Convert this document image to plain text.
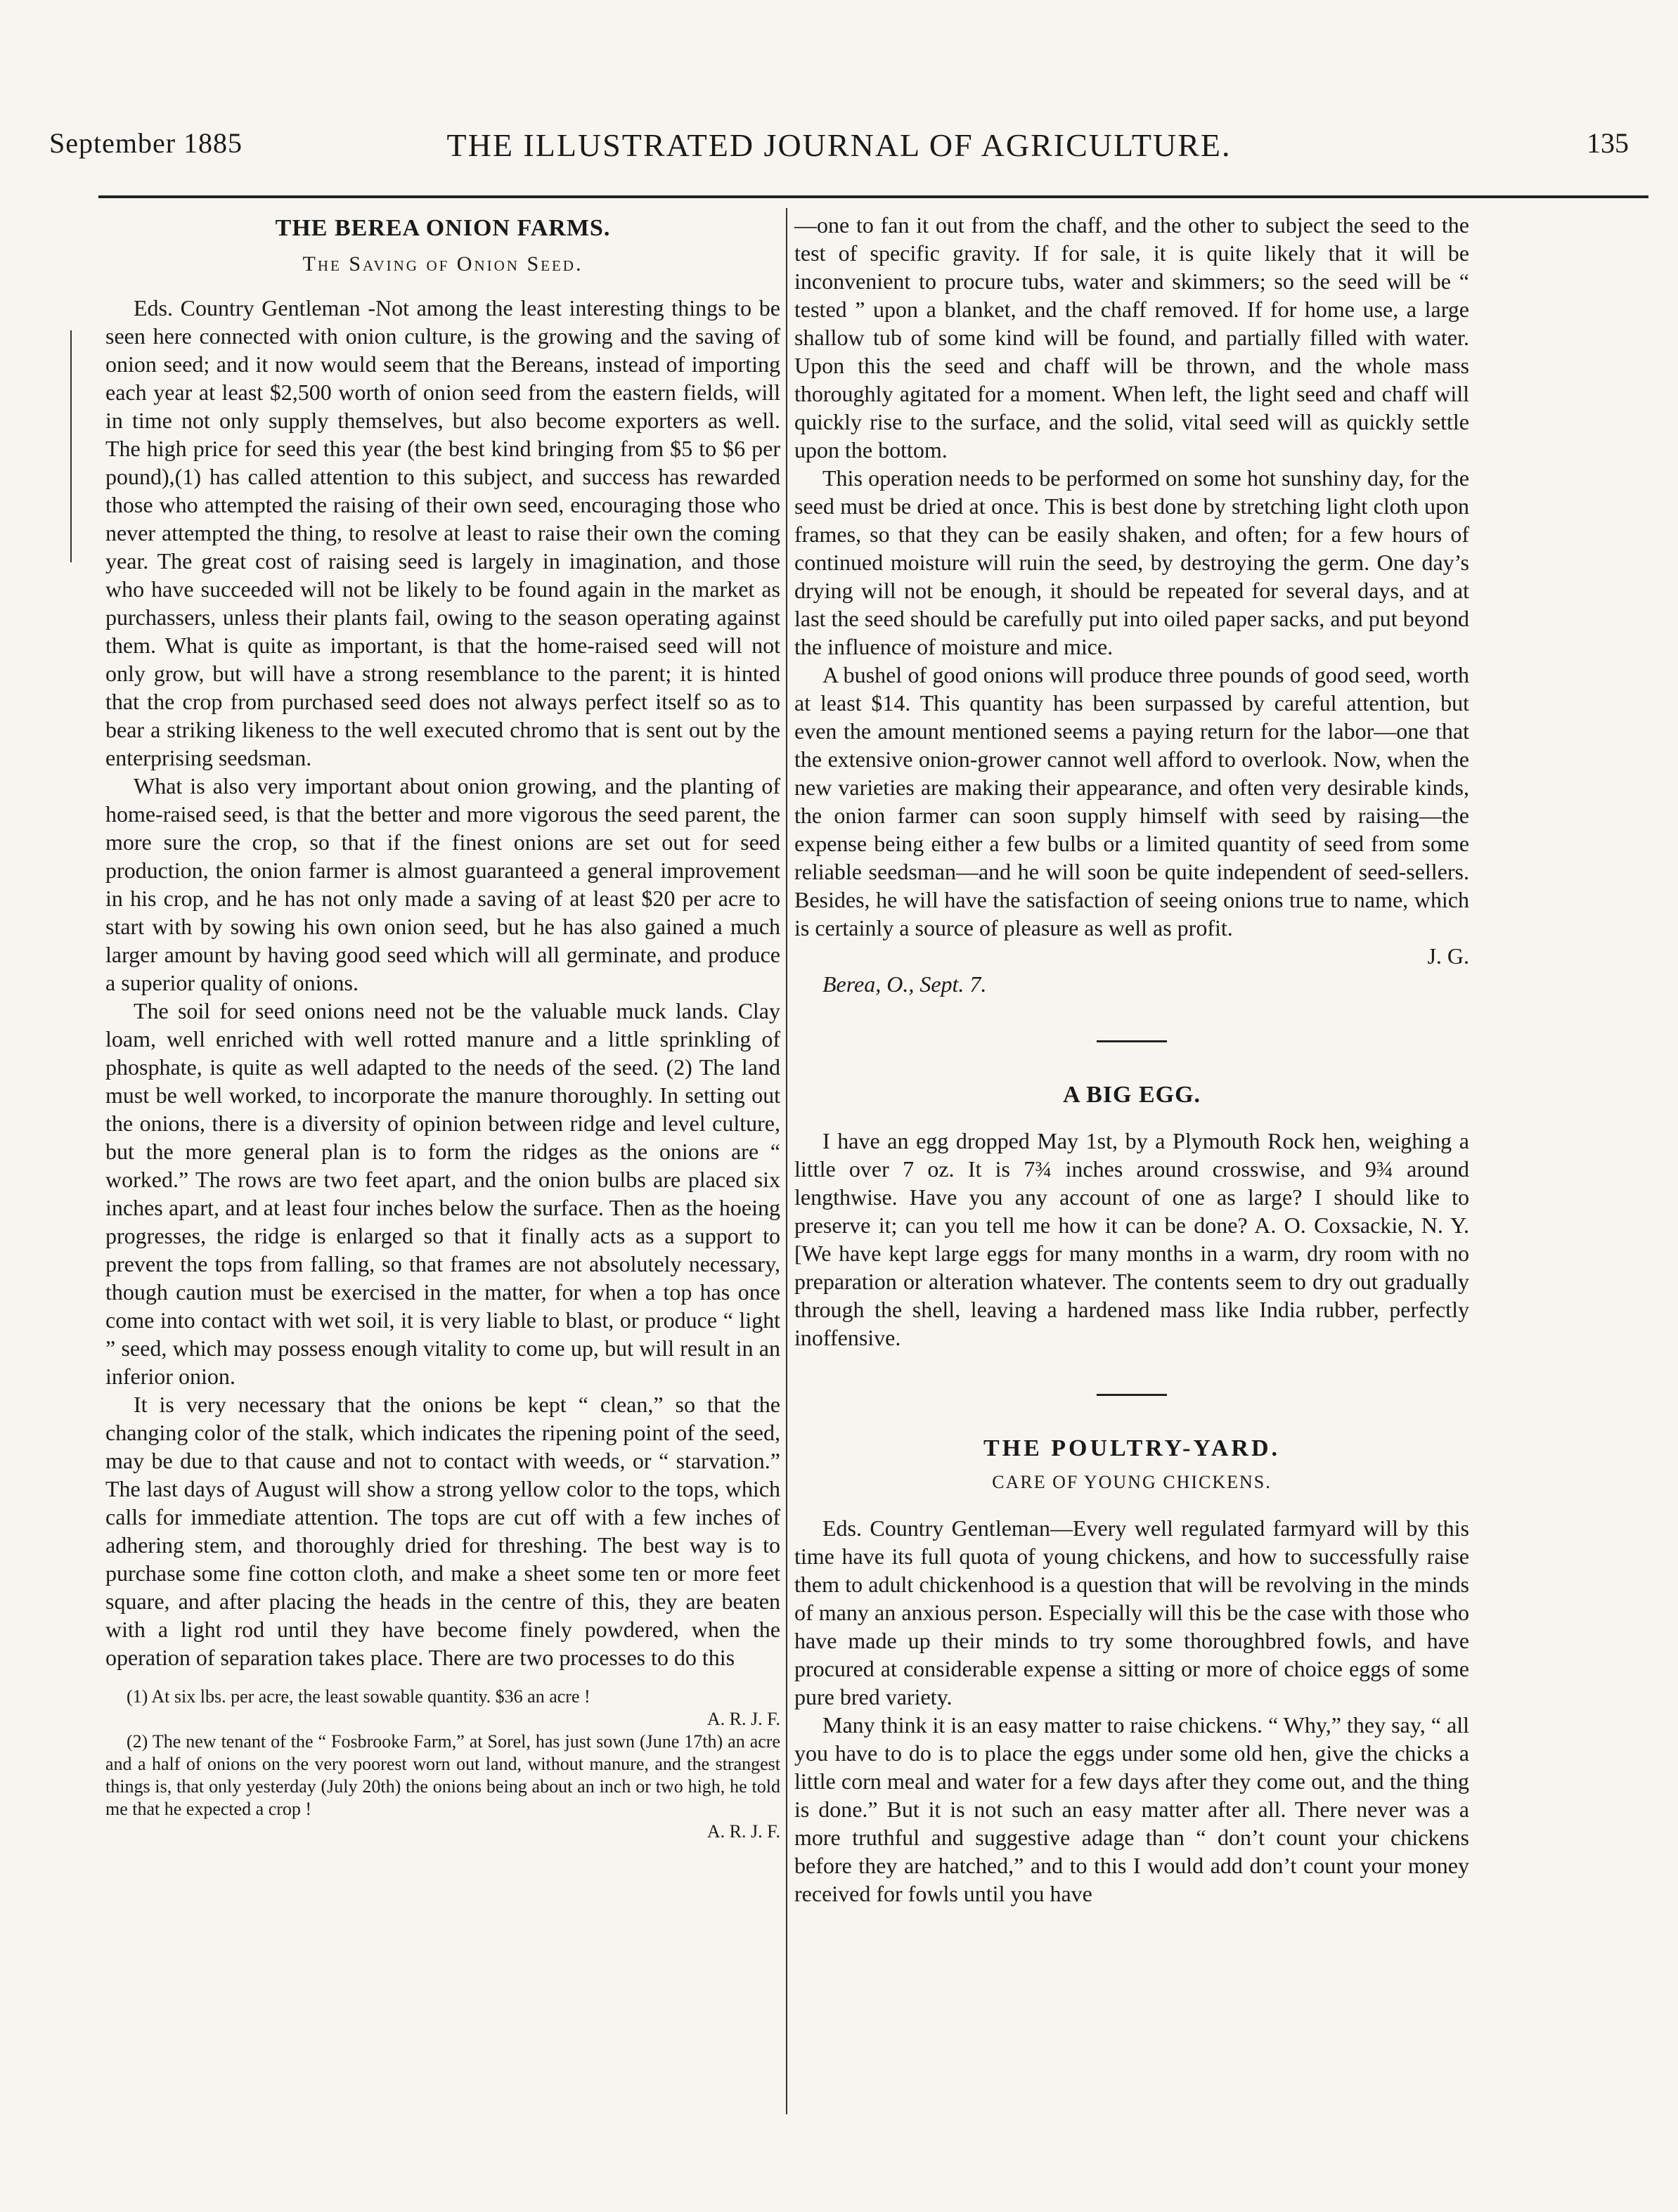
September 1885	THE ILLUSTRATED JOURNAL OF AGRICULTURE.	135
THE BEREA ONION FARMS.
The Saving of Onion Seed.

Eds. Country Gentleman -Not among the least interesting things to be seen here connected with onion culture, is the growing and the saving of onion seed; and it now would seem that the Bereans, instead of importing each year at least $2,500 worth of onion seed from the eastern fields, will in time not only supply themselves, but also become exporters as well. The high price for seed this year (the best kind bringing from $5 to $6 per pound),(1) has called attention to this subject, and success has rewarded those who attempted the raising of their own seed, encouraging those who never attempted the thing, to resolve at least to raise their own the coming year. The great cost of raising seed is largely in imagination, and those who have succeeded will not be likely to be found again in the market as purchassers, unless their plants fail, owing to the season operating against them. What is quite as important, is that the home-raised seed will not only grow, but will have a strong resemblance to the parent; it is hinted that the crop from purchased seed does not always perfect itself so as to bear a striking likeness to the well executed chromo that is sent out by the enterprising seedsman.

What is also very important about onion growing, and the planting of home-raised seed, is that the better and more vigorous the seed parent, the more sure the crop, so that if the finest onions are set out for seed production, the onion farmer is almost guaranteed a general improvement in his crop, and he has not only made a saving of at least $20 per acre to start with by sowing his own onion seed, but he has also gained a much larger amount by having good seed which will all germinate, and produce a superior quality of onions.

The soil for seed onions need not be the valuable muck lands. Clay loam, well enriched with well rotted manure and a little sprinkling of phosphate, is quite as well adapted to the needs of the seed. (2) The land must be well worked, to incorporate the manure thoroughly. In setting out the onions, there is a diversity of opinion between ridge and level culture, but the more general plan is to form the ridges as the onions are “ worked.” The rows are two feet apart, and the onion bulbs are placed six inches apart, and at least four inches below the surface. Then as the hoeing progresses, the ridge is enlarged so that it finally acts as a support to prevent the tops from falling, so that frames are not absolutely necessary, though caution must be exercised in the matter, for when a top has once come into contact with wet soil, it is very liable to blast, or produce “ light ” seed, which may possess enough vitality to come up, but will result in an inferior onion.

It is very necessary that the onions be kept “ clean,” so that the changing color of the stalk, which indicates the ripening point of the seed, may be due to that cause and not to contact with weeds, or “ starvation.” The last days of August will show a strong yellow color to the tops, which calls for immediate attention. The tops are cut off with a few inches of adhering stem, and thoroughly dried for threshing. The best way is to purchase some fine cotton cloth, and make a sheet some ten or more feet square, and after placing the heads in the centre of this, they are beaten with a light rod until they have become finely powdered, when the operation of separation takes place. There are two processes to do this

(1) At six lbs. per acre, the least sowable quantity. $36 an acre !

A. R. J. F.

(2) The new tenant of the “ Fosbrooke Farm,” at Sorel, has just sown (June 17th) an acre and a half of onions on the very poorest worn out land, without manure, and the strangest things is, that only yesterday (July 20th) the onions being about an inch or two high, he told me that he expected a crop !

A. R. J. F.

—one to fan it out from the chaff, and the other to subject the seed to the test of specific gravity. If for sale, it is quite likely that it will be inconvenient to procure tubs, water and skimmers; so the seed will be “ tested ” upon a blanket, and the chaff removed. If for home use, a large shallow tub of some kind will be found, and partially filled with water. Upon this the seed and chaff will be thrown, and the whole mass thoroughly agitated for a moment. When left, the light seed and chaff will quickly rise to the surface, and the solid, vital seed will as quickly settle upon the bottom.

This operation needs to be performed on some hot sunshiny day, for the seed must be dried at once. This is best done by stretching light cloth upon frames, so that they can be easily shaken, and often; for a few hours of continued moisture will ruin the seed, by destroying the germ. One day’s drying will not be enough, it should be repeated for several days, and at last the seed should be carefully put into oiled paper sacks, and put beyond the influence of moisture and mice.

A bushel of good onions will produce three pounds of good seed, worth at least $14. This quantity has been surpassed by careful attention, but even the amount mentioned seems a paying return for the labor—one that the extensive onion-grower cannot well afford to overlook. Now, when the new varieties are making their appearance, and often very desirable kinds, the onion farmer can soon supply himself with seed by raising—the expense being either a few bulbs or a limited quantity of seed from some reliable seedsman—and he will soon be quite independent of seed-sellers. Besides, he will have the satisfaction of seeing onions true to name, which is certainly a source of pleasure as well as profit.

J. G.

Berea, O., Sept. 7.

A BIG EGG.

I have an egg dropped May 1st, by a Plymouth Rock hen, weighing a little over 7 oz. It is 7¾ inches around crosswise, and 9¾ around lengthwise. Have you any account of one as large? I should like to preserve it; can you tell me how it can be done? A. O. Coxsackie, N. Y. [We have kept large eggs for many months in a warm, dry room with no preparation or alteration whatever. The contents seem to dry out gradually through the shell, leaving a hardened mass like India rubber, perfectly inoffensive.

THE POULTRY-YARD.
CARE OF YOUNG CHICKENS.

Eds. Country Gentleman—Every well regulated farmyard will by this time have its full quota of young chickens, and how to successfully raise them to adult chickenhood is a question that will be revolving in the minds of many an anxious person. Especially will this be the case with those who have made up their minds to try some thoroughbred fowls, and have procured at considerable expense a sitting or more of choice eggs of some pure bred variety.

Many think it is an easy matter to raise chickens. “ Why,” they say, “ all you have to do is to place the eggs under some old hen, give the chicks a little corn meal and water for a few days after they come out, and the thing is done.” But it is not such an easy matter after all. There never was a more truthful and suggestive adage than “ don’t count your chickens before they are hatched,” and to this I would add don’t count your money received for fowls until you have
